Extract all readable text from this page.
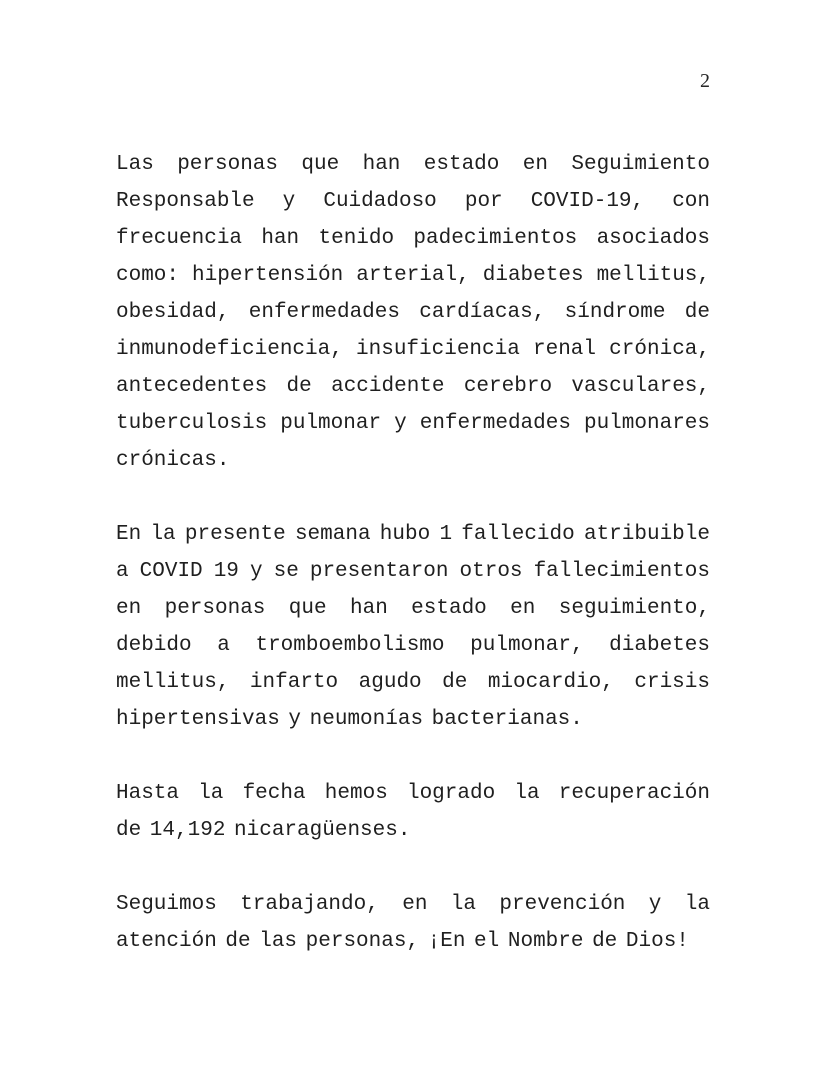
2

Las personas que han estado en Seguimiento
Responsable y Cuidadoso por COVID-19, con
frecuencia han tenido padecimientos asociados
como: hipertensión arterial, diabetes mellitus,
obesidad, enfermedades cardíacas, síndrome de
inmunodeficiencia, insuficiencia renal crónica,
antecedentes de accidente cerebro vasculares,
tuberculosis pulmonar y enfermedades pulmonares
crónicas.

En la presente semana hubo 1 fallecido atribuible
a COVID 19 y se presentaron otros fallecimientos
en personas que han estado en seguimiento,
debido a tromboembolismo pulmonar, diabetes
mellitus, infarto agudo de miocardio, crisis
hipertensivas y neumonías bacterianas.

Hasta la fecha hemos logrado la recuperación
de 14,192 nicaragüenses.

Seguimos trabajando, en la prevención y la
atención de las personas, ¡En el Nombre de Dios!
